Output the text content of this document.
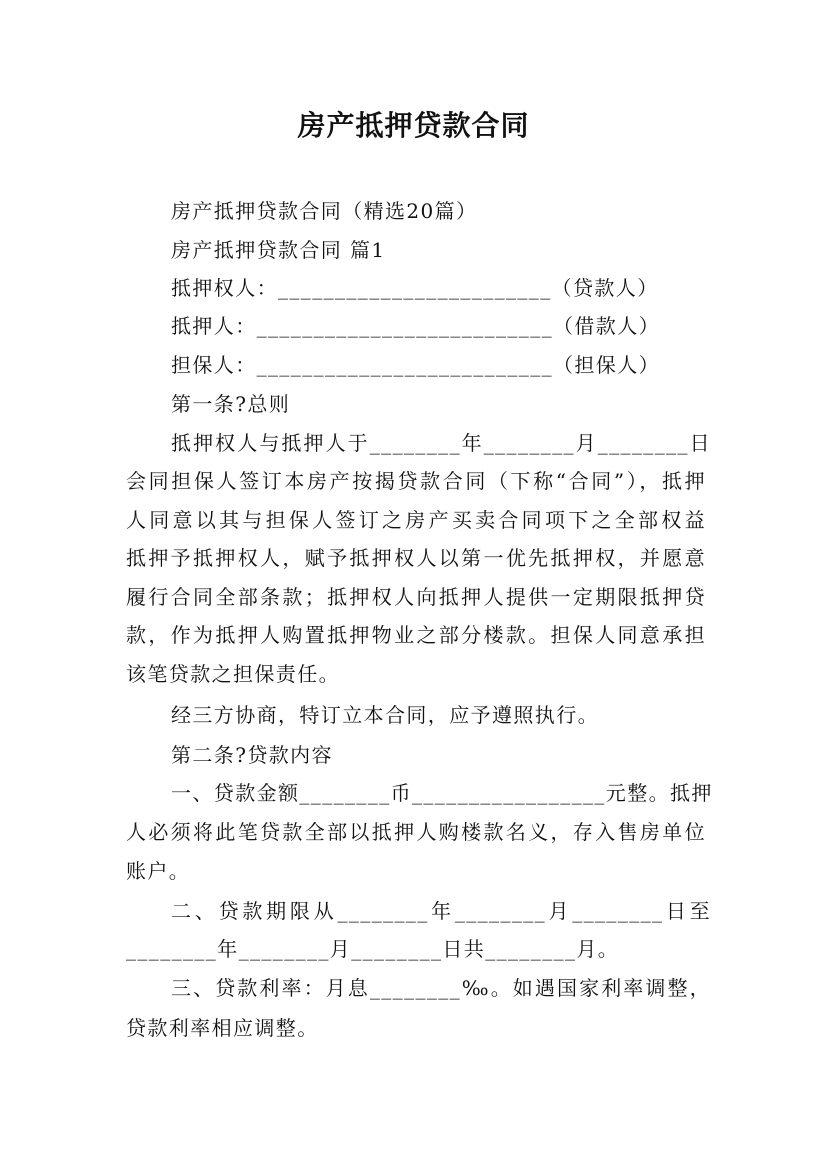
房产抵押贷款合同
房产抵押贷款合同（精选20篇）
房产抵押贷款合同 篇1
抵押权人：________________________（贷款人）
抵押人：__________________________（借款人）
担保人：__________________________（担保人）
第一条?总则
抵押权人与抵押人于________年________月________日
会同担保人签订本房产按揭贷款合同（下称“合同”），抵押
人同意以其与担保人签订之房产买卖合同项下之全部权益
抵押予抵押权人，赋予抵押权人以第一优先抵押权，并愿意
履行合同全部条款；抵押权人向抵押人提供一定期限抵押贷
款，作为抵押人购置抵押物业之部分楼款。担保人同意承担
该笔贷款之担保责任。
经三方协商，特订立本合同，应予遵照执行。
第二条?贷款内容
一、贷款金额________币_________________元整。抵押
人必须将此笔贷款全部以抵押人购楼款名义，存入售房单位
账户。
二、贷款期限从________年________月________日至
________年________月________日共________月。
三、贷款利率：月息________‰。如遇国家利率调整，
贷款利率相应调整。
